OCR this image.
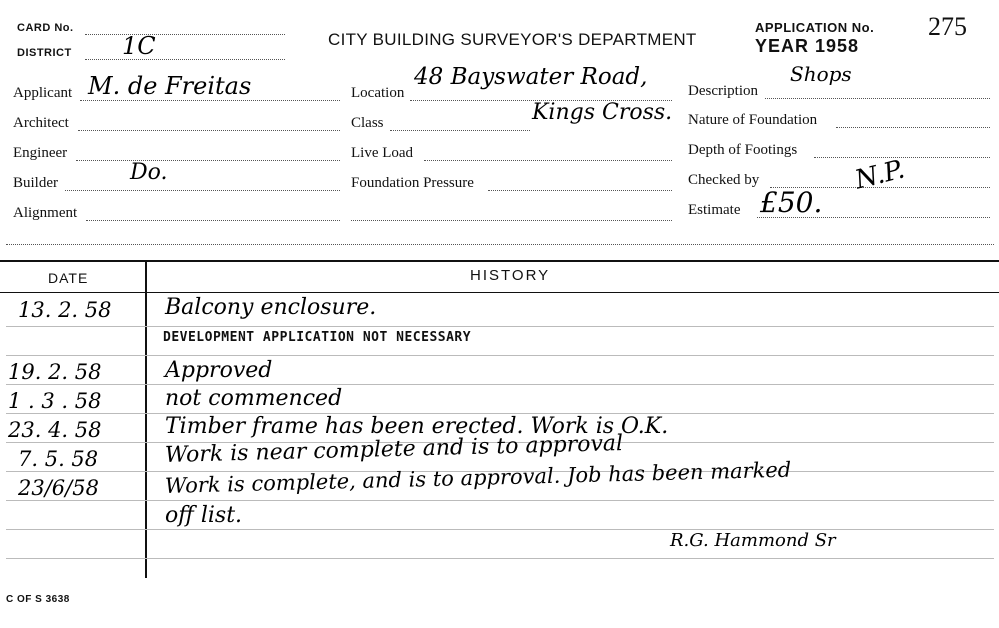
CARD No.
DISTRICT 1C	CITY BUILDING SURVEYOR'S DEPARTMENT
APPLICATION No. 275
YEAR 1958
Applicant M. de Freitas
Architect
Engineer
Builder	Do.
Alignment
Location
48 Bayswater Road,
Kings Cross.
Class
Live Load
Foundation Pressure
Description
Shops
Nature of Foundation
Depth of Footings
Checked by	N.P.
Estimate £50.
DATE	HISTORY
13. 2. 58 Balcony enclosure.
DEVELOPMENT APPLICATION NOT NECESSARY
19. 2. 58	Approved
1 . 3 . 58	not commenced
23. 4. 58	Timber frame has been erected. Work is O.K.
7. 5. 58	Work is near complete and is to approval
23/6/58	Work is complete, and is to approval. Job has been marked
off list.
R.G. Hammond Sr
C OF S 3638
